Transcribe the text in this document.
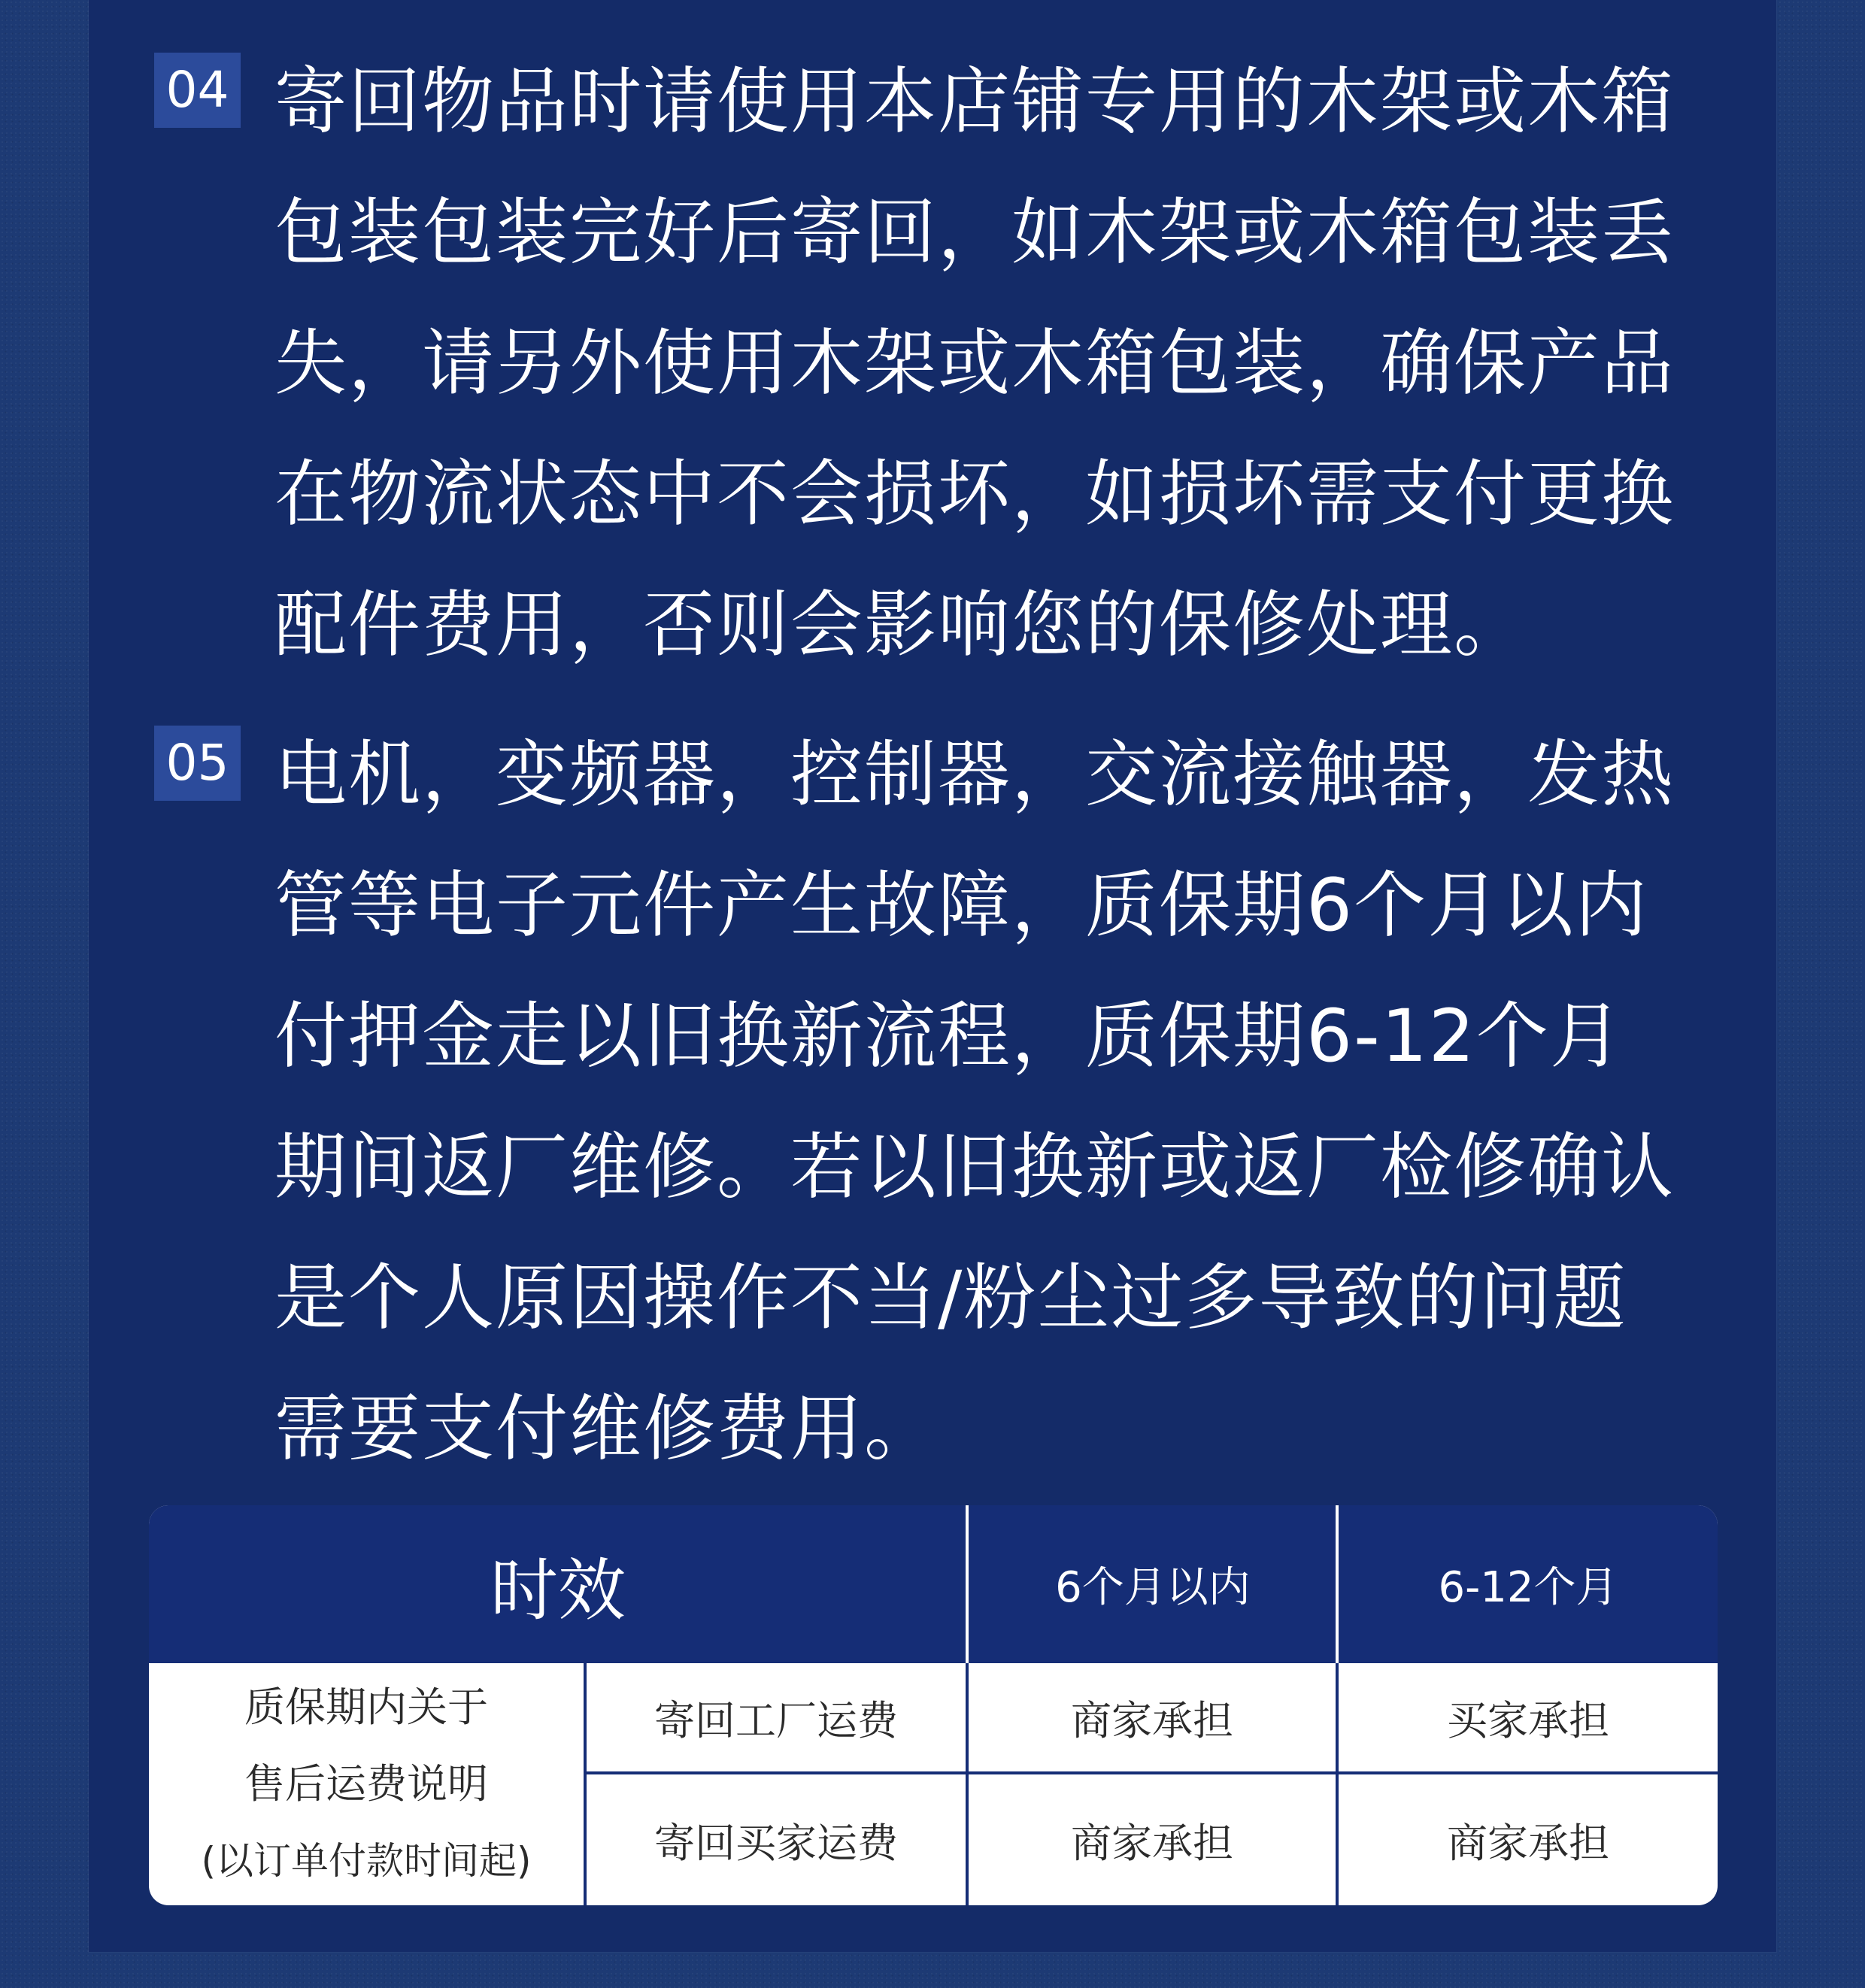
04 寄回物品时请使用本店铺专用的木架或木箱包装包装完好后寄回，如木架或木箱包装丢失，请另外使用木架或木箱包装，确保产品在物流状态中不会损坏，如损坏需支付更换配件费用，否则会影响您的保修处理。
05 电机，变频器，控制器，交流接触器，发热管等电子元件产生故障，质保期6个月以内付押金走以旧换新流程，质保期6-12个月期间返厂维修。若以旧换新或返厂检修确认是个人原因操作不当/粉尘过多导致的问题需要支付维修费用。
时效	6个月以内	6-12个月
质保期内关于
售后运费说明
(以订单付款时间起)
寄回工厂运费	商家承担	买家承担
寄回买家运费	商家承担	商家承担
